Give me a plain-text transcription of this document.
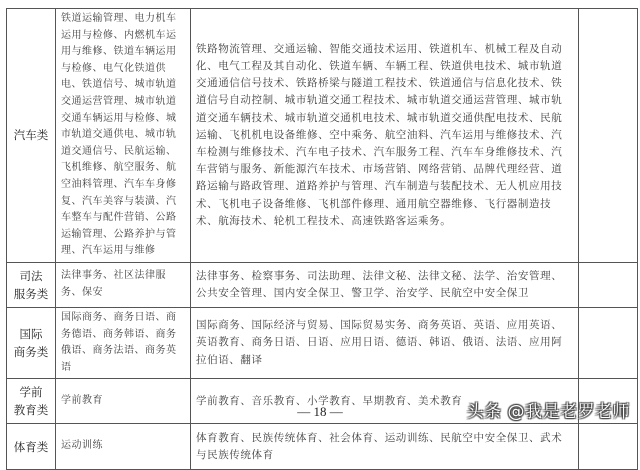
汽车类	铁道运输管理、电力机车运用与检修、内燃机车运用与维修、铁道车辆运用与检修、电气化铁道供电、铁道信号、城市轨道交通运营管理、城市轨道交通车辆运用与检修、城市轨道交通供电、城市轨道交通信号、民航运输、飞机维修、航空服务、航空油料管理、汽车车身修复、汽车美容与装潢、汽车整车与配件营销、公路运输管理、公路养护与管理、汽车运用与维修	铁路物流管理、交通运输、智能交通技术运用、铁道机车、机械工程及自动化、电气工程及其自动化、铁道车辆、车辆工程、铁道供电技术、城市轨道交通通信信号技术、铁路桥梁与隧道工程技术、铁道通信与信息化技术、铁道信号自动控制、城市轨道交通工程技术、城市轨道交通运营管理、城市轨道交通车辆技术、城市轨道交通机电技术、城市轨道交通供配电技术、民航运输、飞机机电设备维修、空中乘务、航空油料、汽车运用与维修技术、汽车检测与维修技术、汽车电子技术、汽车服务工程、汽车车身维修技术、汽车营销与服务、新能源汽车技术、市场营销、网络营销、品牌代理经营、道路运输与路政管理、道路养护与管理、汽车制造与装配技术、无人机应用技术、飞机电子设备维修、飞机部件修理、通用航空器维修、飞行器制造技术、航海技术、轮机工程技术、高速铁路客运乘务。	
司法
服务类	法律事务、社区法律服务、保安	法律事务、检察事务、司法助理、法律文秘、法律文秘、法学、治安管理、公共安全管理、国内安全保卫、警卫学、治安学、民航空中安全保卫	
国际
商务类	国际商务、商务日语、商务德语、商务韩语、商务俄语、商务法语、商务英语	国际商务、国际经济与贸易、国际贸易实务、商务英语、英语、应用英语、英语教育、商务日语、日语、应用日语、德语、韩语、俄语、法语、应用阿拉伯语、翻译	
学前
教育类	学前教育	学前教育、音乐教育、小学教育、早期教育、美术教育	
体育类	运动训练	体育教育、民族传统体育、社会体育、运动训练、民航空中安全保卫、武术与民族传统体育	
— 18 —	头条 @我是老罗老师
